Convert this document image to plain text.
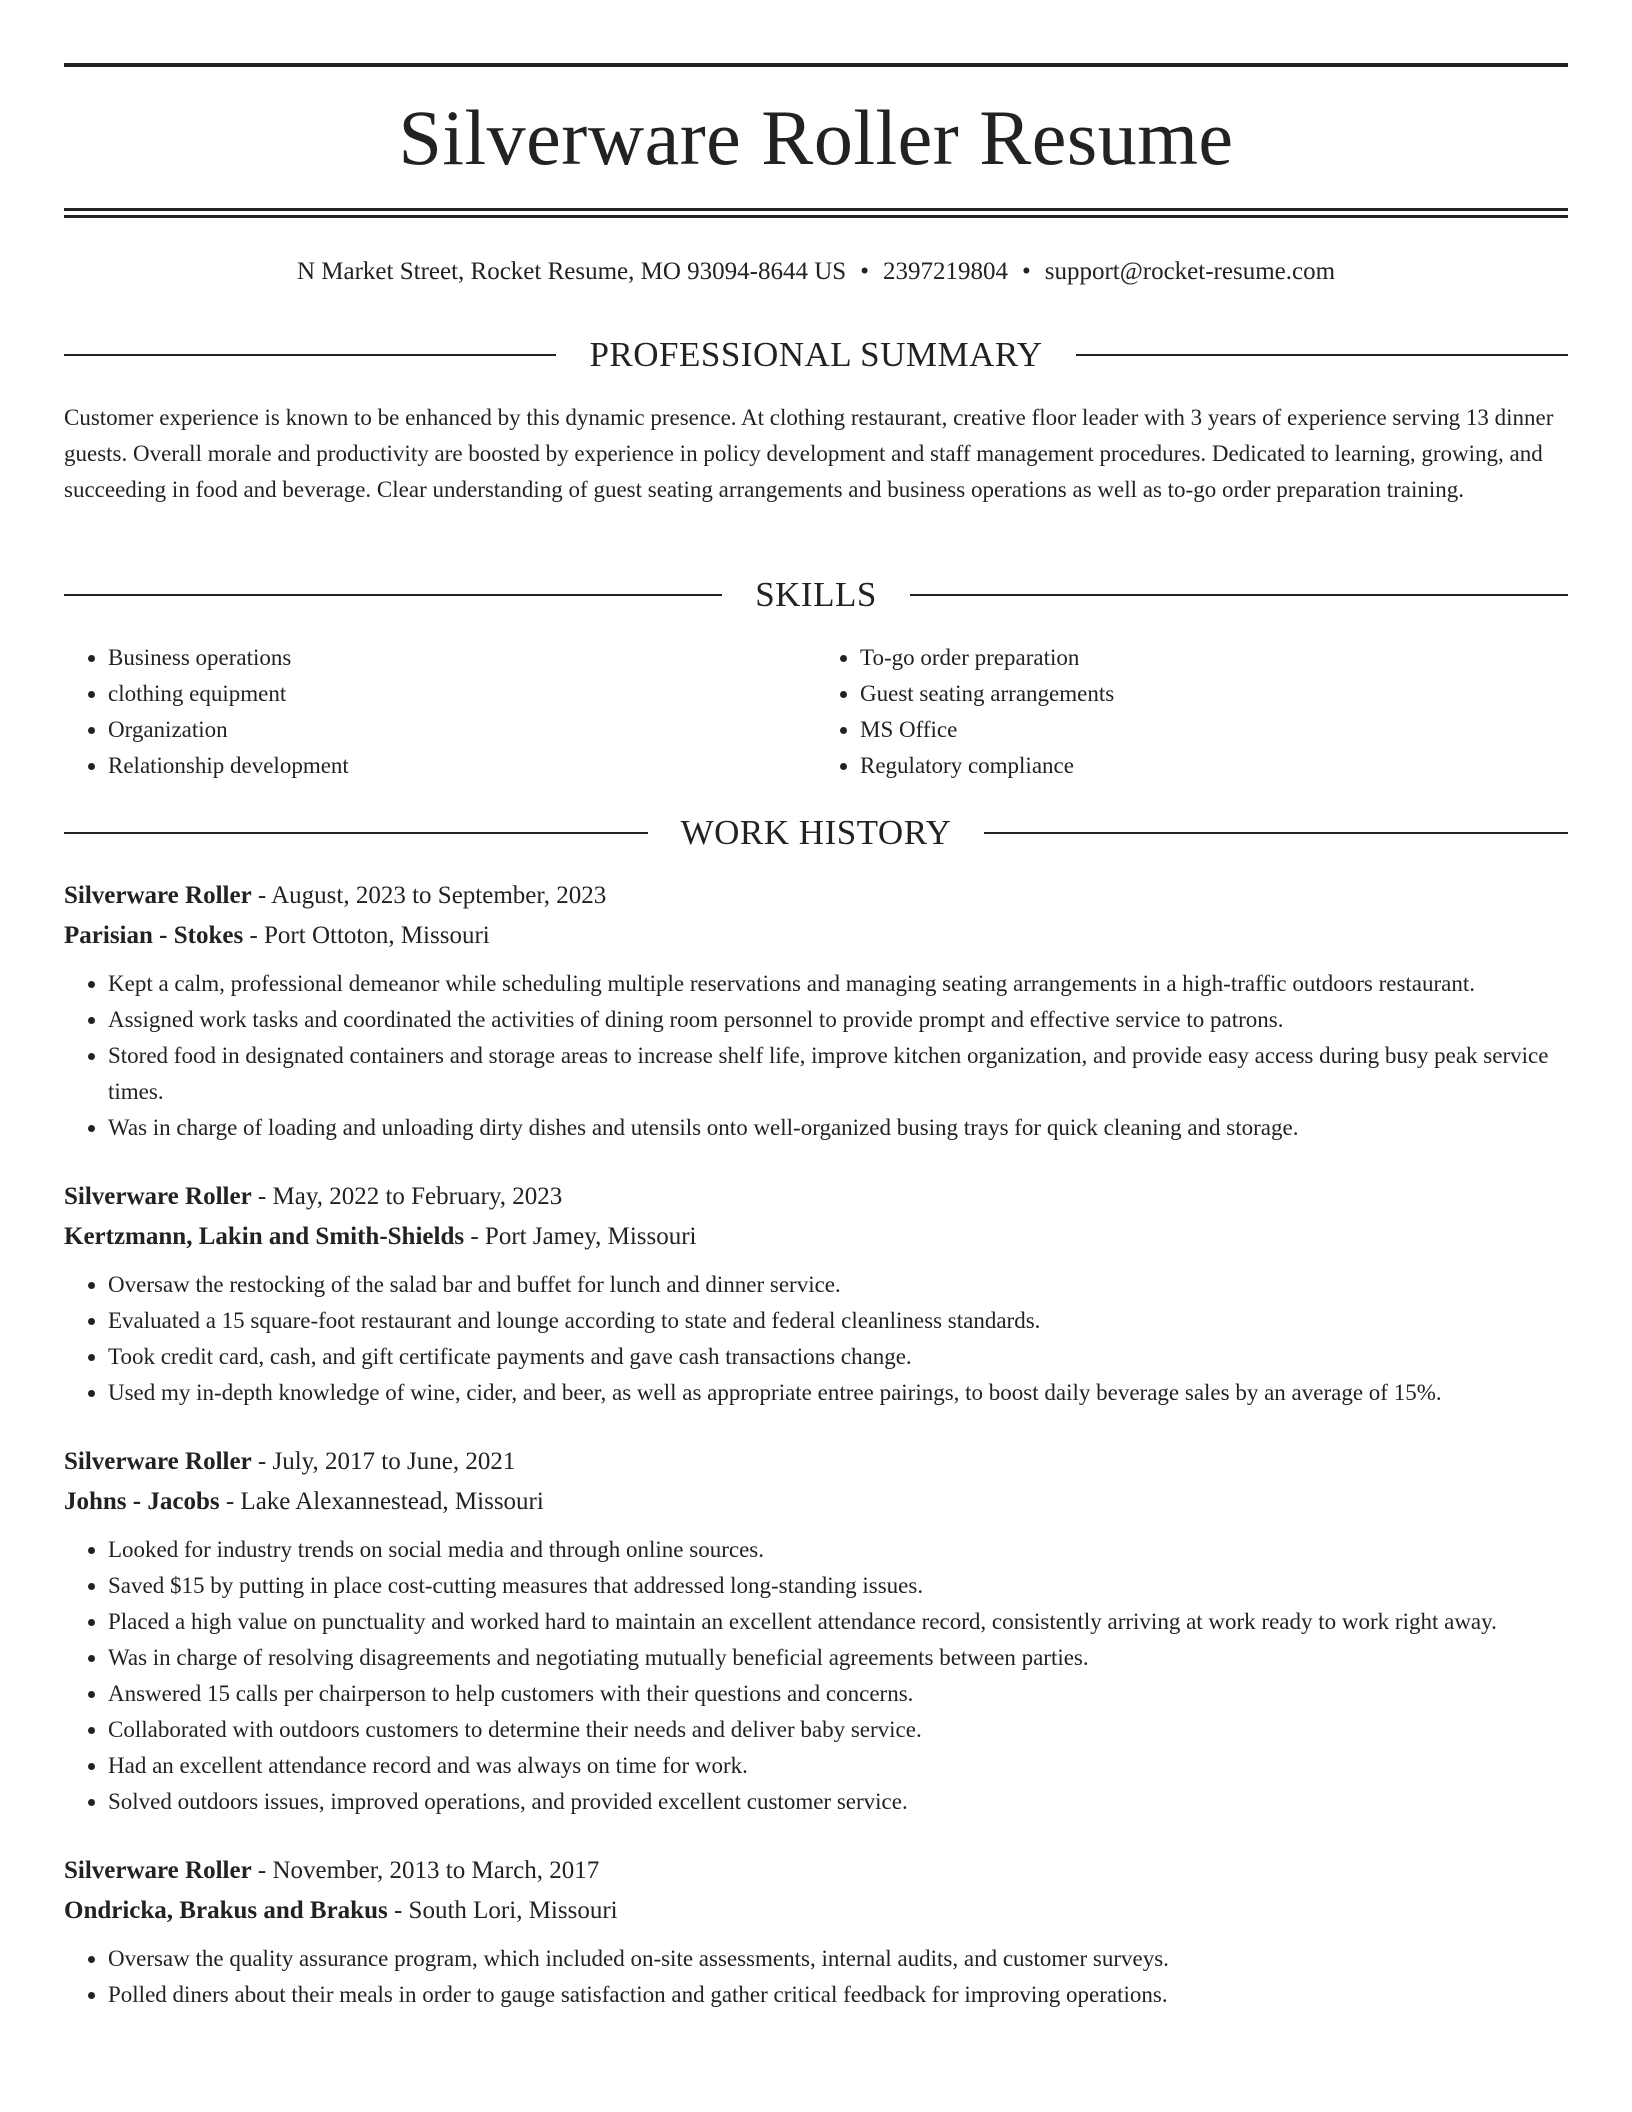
Silverware Roller Resume
N Market Street, Rocket Resume, MO 93094-8644 US • 2397219804 • support@rocket-resume.com
PROFESSIONAL SUMMARY

Customer experience is known to be enhanced by this dynamic presence. At clothing restaurant, creative floor leader with 3 years of experience serving 13 dinner guests. Overall morale and productivity are boosted by experience in policy development and staff management procedures. Dedicated to learning, growing, and succeeding in food and beverage. Clear understanding of guest seating arrangements and business operations as well as to-go order preparation training.

SKILLS
• Business operations
• clothing equipment
• Organization
• Relationship development
• To-go order preparation
• Guest seating arrangements
• MS Office
• Regulatory compliance
WORK HISTORY

Silverware Roller - August, 2023 to September, 2023

Parisian - Stokes - Port Ottoton, Missouri

• Kept a calm, professional demeanor while scheduling multiple reservations and managing seating arrangements in a high-traffic outdoors restaurant.
• Assigned work tasks and coordinated the activities of dining room personnel to provide prompt and effective service to patrons.
• Stored food in designated containers and storage areas to increase shelf life, improve kitchen organization, and provide easy access during busy peak service times.
• Was in charge of loading and unloading dirty dishes and utensils onto well-organized busing trays for quick cleaning and storage.

Silverware Roller - May, 2022 to February, 2023

Kertzmann, Lakin and Smith-Shields - Port Jamey, Missouri

• Oversaw the restocking of the salad bar and buffet for lunch and dinner service.
• Evaluated a 15 square-foot restaurant and lounge according to state and federal cleanliness standards.
• Took credit card, cash, and gift certificate payments and gave cash transactions change.
• Used my in-depth knowledge of wine, cider, and beer, as well as appropriate entree pairings, to boost daily beverage sales by an average of 15%.

Silverware Roller - July, 2017 to June, 2021

Johns - Jacobs - Lake Alexannestead, Missouri

• Looked for industry trends on social media and through online sources.
• Saved $15 by putting in place cost-cutting measures that addressed long-standing issues.
• Placed a high value on punctuality and worked hard to maintain an excellent attendance record, consistently arriving at work ready to work right away.
• Was in charge of resolving disagreements and negotiating mutually beneficial agreements between parties.
• Answered 15 calls per chairperson to help customers with their questions and concerns.
• Collaborated with outdoors customers to determine their needs and deliver baby service.
• Had an excellent attendance record and was always on time for work.
• Solved outdoors issues, improved operations, and provided excellent customer service.

Silverware Roller - November, 2013 to March, 2017

Ondricka, Brakus and Brakus - South Lori, Missouri

• Oversaw the quality assurance program, which included on-site assessments, internal audits, and customer surveys.
• Polled diners about their meals in order to gauge satisfaction and gather critical feedback for improving operations.
